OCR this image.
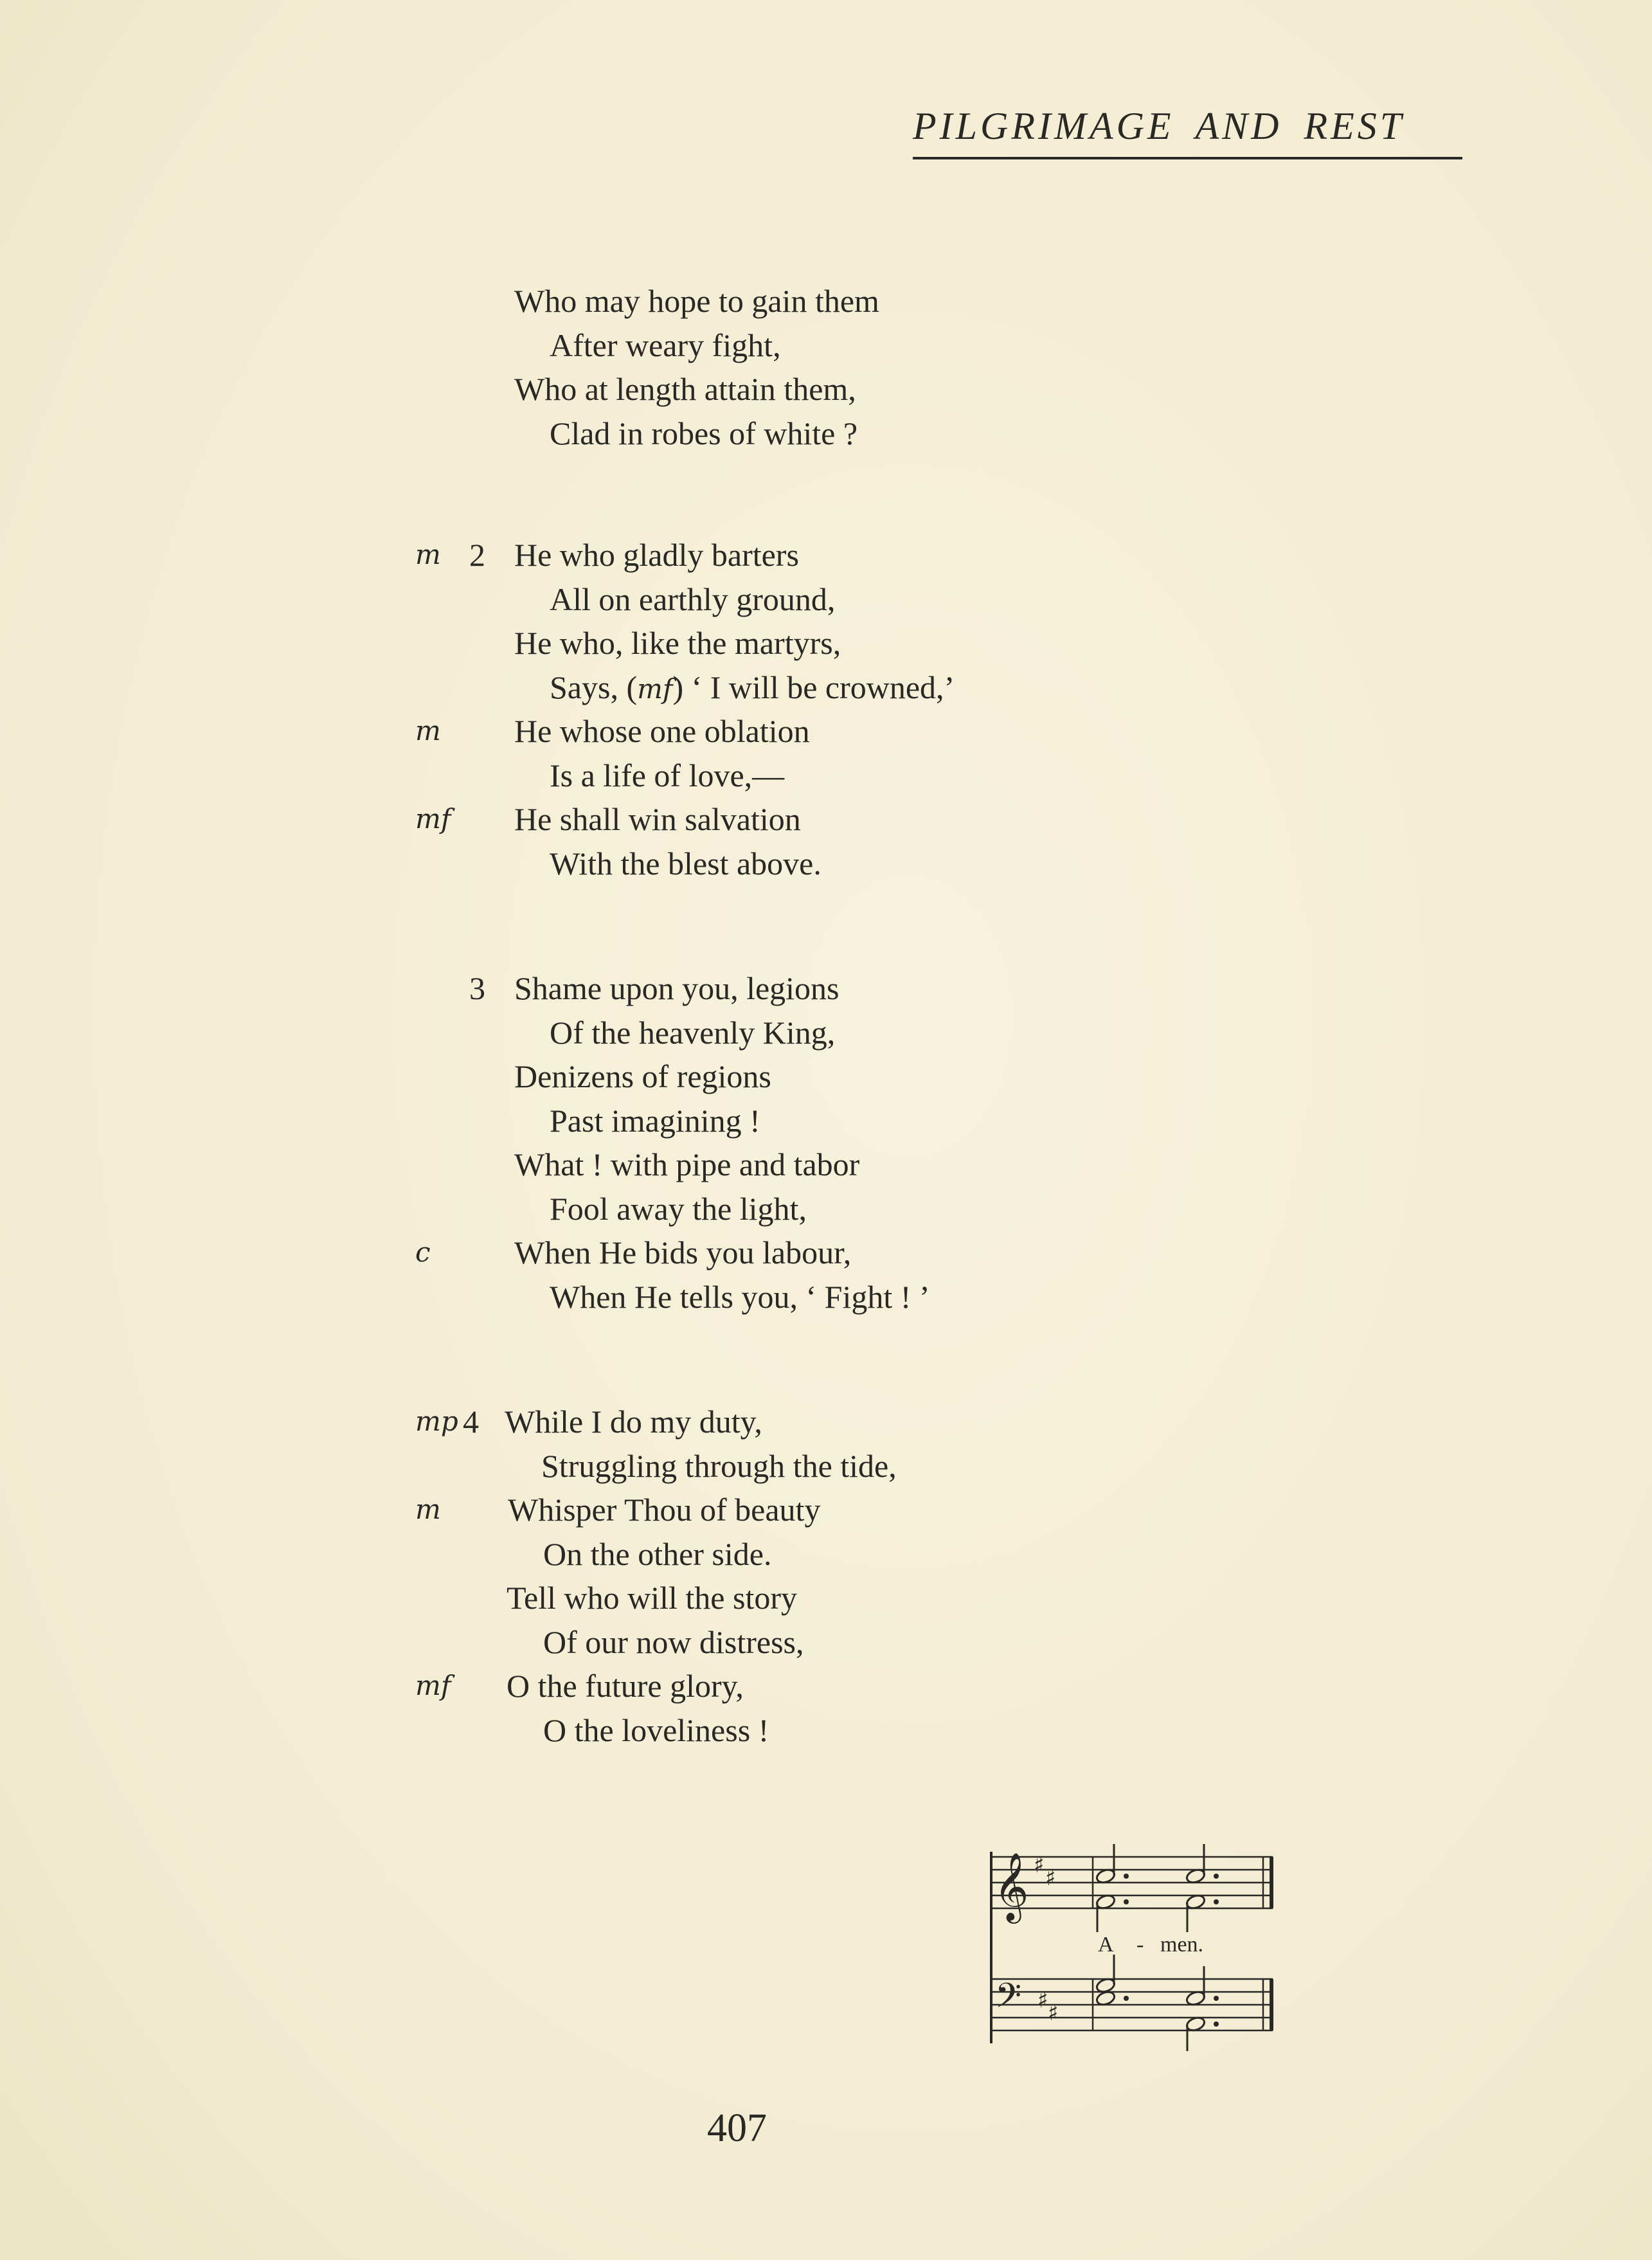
PILGRIMAGE AND REST
Who may hope to gain them
After weary fight,
Who at length attain them,
Clad in robes of white ?
m 2 He who gladly barters
All on earthly ground,
He who, like the martyrs,
Says, (mf) ‘ I will be crowned,’
m He whose one oblation
Is a life of love,—
mf He shall win salvation
With the blest above.
3 Shame upon you, legions
Of the heavenly King,
Denizens of regions
Past imagining !
What ! with pipe and tabor
Fool away the light,
c	When He bids you labour,
When He tells you, ‘ Fight ! ’
mp 4 While I do my duty,
Struggling through the tide,
m Whisper Thou of beauty
On the other side.
Tell who will the story
Of our now distress,
mf O the future glory,
O the loveliness !
𝄞
𝄢
♯ ♯
♯ ♯
A - men.
407
